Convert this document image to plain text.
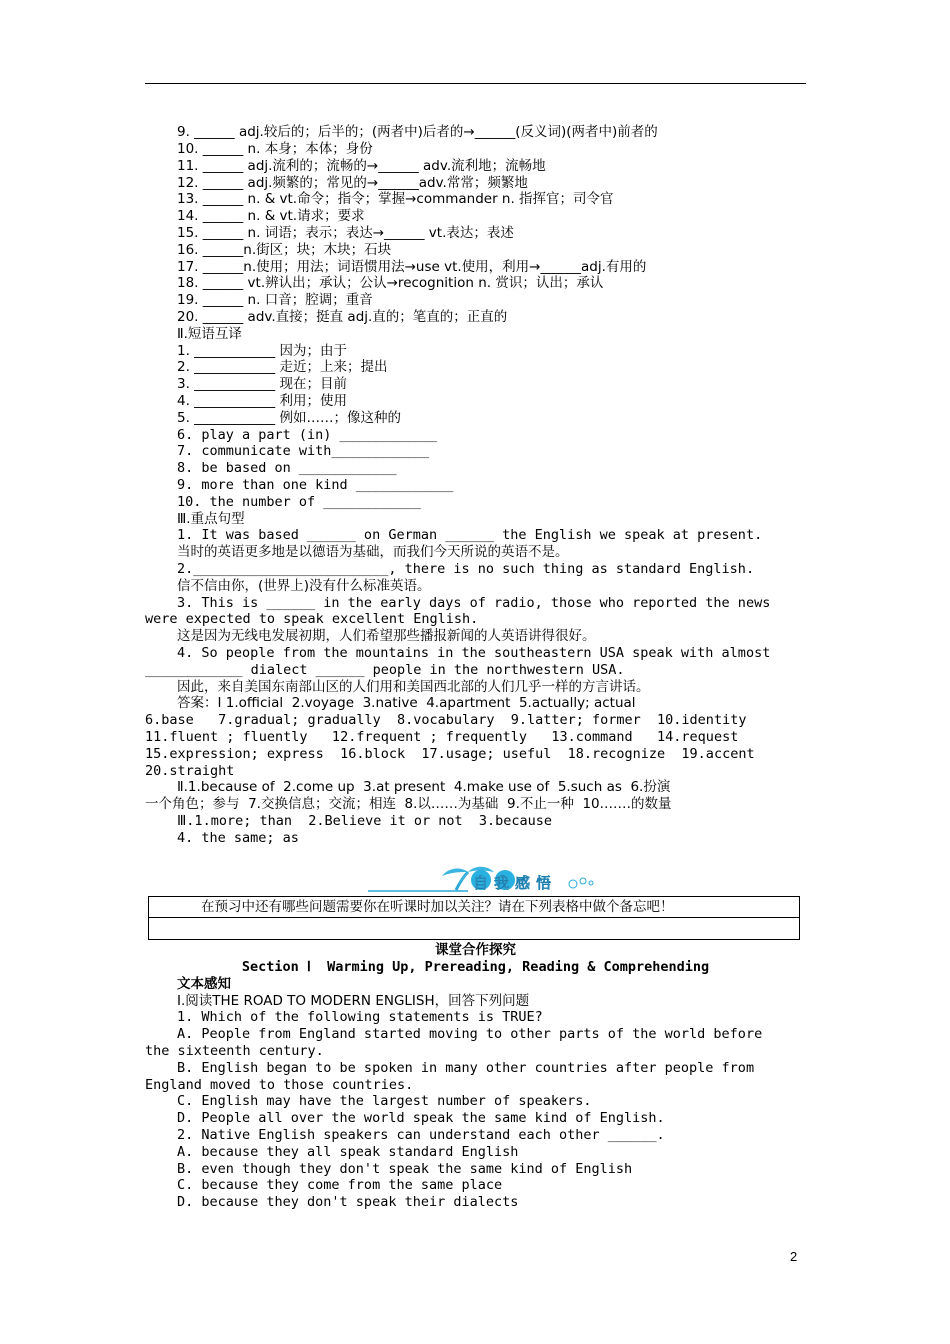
9. ______ adj.较后的；后半的；(两者中)后者的→______(反义词)(两者中)前者的
10. ______ n. 本身；本体；身份
11. ______ adj.流利的；流畅的→______ adv.流利地；流畅地
12. ______ adj.频繁的；常见的→______adv.常常；频繁地
13. ______ n. & vt.命令；指令；掌握→commander n. 指挥官；司令官
14. ______ n. & vt.请求；要求
15. ______ n. 词语；表示；表达→______ vt.表达；表述
16. ______n.街区；块；木块；石块
17. ______n.使用；用法；词语惯用法→use vt.使用，利用→______adj.有用的
18. ______ vt.辨认出；承认；公认→recognition n. 赏识；认出；承认
19. ______ n. 口音；腔调；重音
20. ______ adv.直接；挺直 adj.直的；笔直的；正直的
Ⅱ.短语互译
1. ____________ 因为；由于
2. ____________ 走近；上来；提出
3. ____________ 现在；目前
4. ____________ 利用；使用
5. ____________ 例如……；像这种的
6. play a part (in) ____________
7. communicate with____________
8. be based on ____________
9. more than one kind ____________
10. the number of ____________
Ⅲ.重点句型
1. It was based ______ on German ______ the English we speak at present.
当时的英语更多地是以德语为基础，而我们今天所说的英语不是。
2.________________________, there is no such thing as standard English.
信不信由你，(世界上)没有什么标准英语。
3. This is ______ in the early days of radio, those who reported the news
were expected to speak excellent English.
这是因为无线电发展初期，人们希望那些播报新闻的人英语讲得很好。
4. So people from the mountains in the southeastern USA speak with almost
____________ dialect ______ people in the northwestern USA.
因此，来自美国东南部山区的人们用和美国西北部的人们几乎一样的方言讲话。
答案：Ⅰ 1.official  2.voyage  3.native  4.apartment  5.actually; actual
6.base   7.gradual; gradually  8.vocabulary  9.latter; former  10.identity
11.fluent ; fluently   12.frequent ; frequently   13.command   14.request
15.expression; express  16.block  17.usage; useful  18.recognize  19.accent
20.straight
Ⅱ.1.because of  2.come up  3.at present  4.make use of  5.such as  6.扮演
一个角色；参与  7.交换信息；交流；相连  8.以……为基础  9.不止一种  10.……的数量
Ⅲ.1.more; than  2.Believe it or not  3.because
4. the same; as
自我感悟
在预习中还有哪些问题需要你在听课时加以关注？请在下列表格中做个备忘吧！
课堂合作探究
Section Ⅰ  Warming Up, Prereading, Reading & Comprehending
文本感知
Ⅰ.阅读THE ROAD TO MODERN ENGLISH，回答下列问题
1. Which of the following statements is TRUE?
A. People from England started moving to other parts of the world before
the sixteenth century.
B. English began to be spoken in many other countries after people from
England moved to those countries.
C. English may have the largest number of speakers.
D. People all over the world speak the same kind of English.
2. Native English speakers can understand each other ______.
A. because they all speak standard English
B. even though they don't speak the same kind of English
C. because they come from the same place
D. because they don't speak their dialects
2
